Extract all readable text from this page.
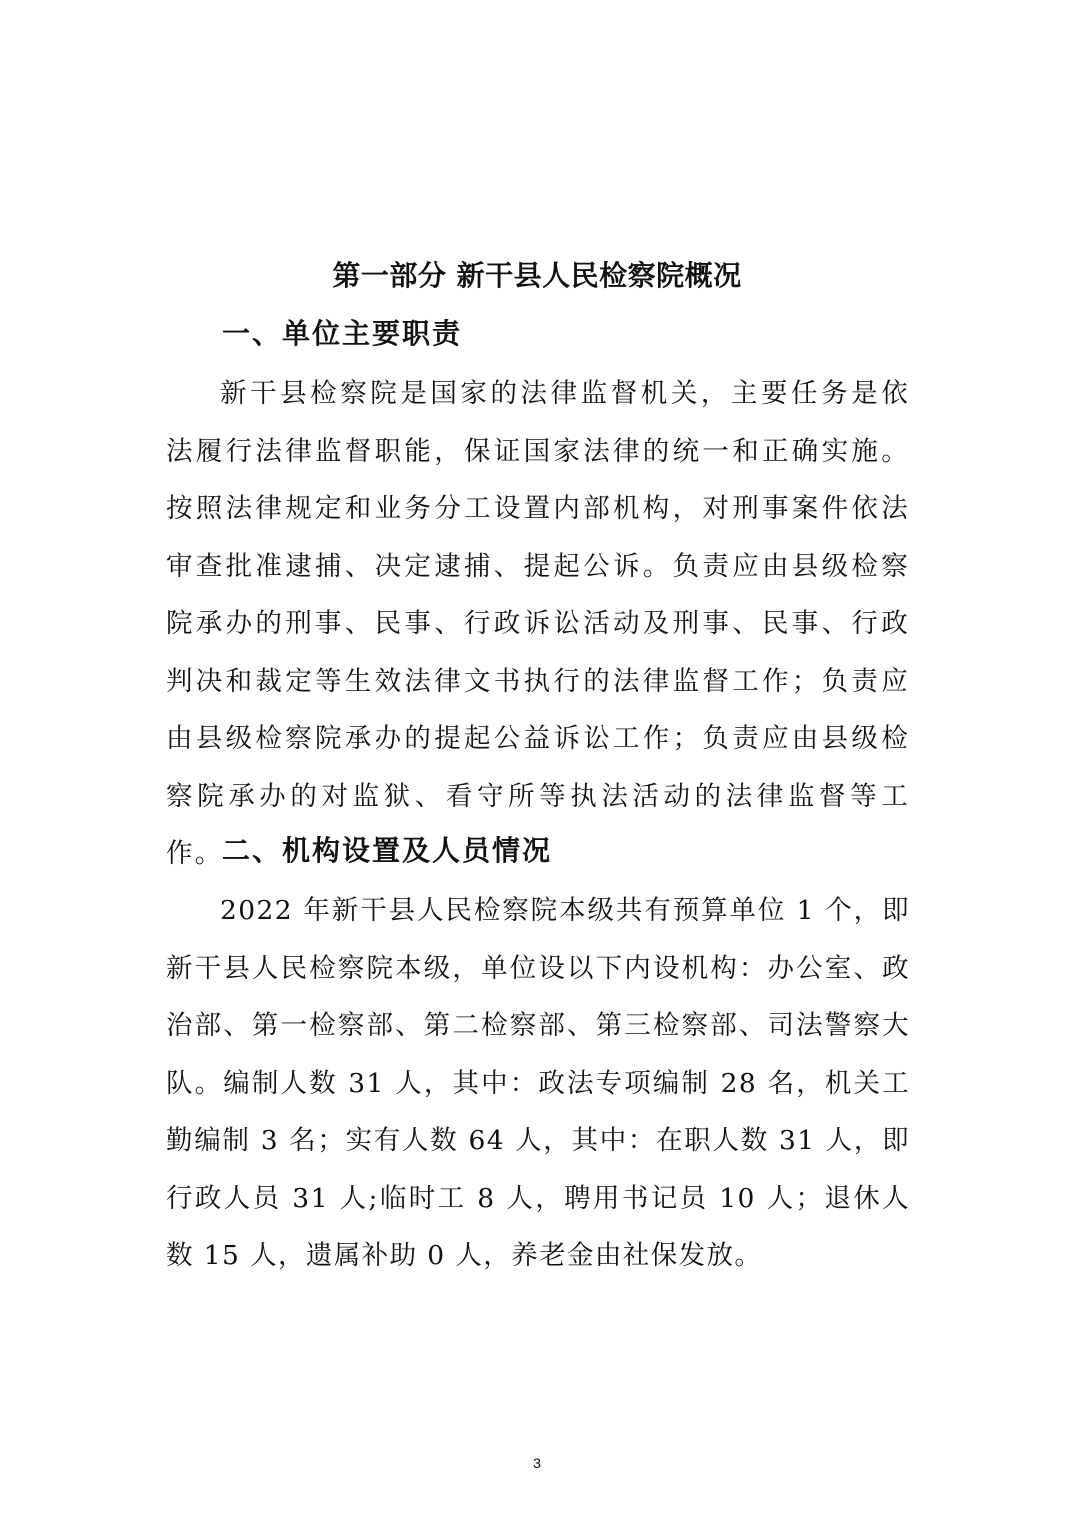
第一部分 新干县人民检察院概况
一、单位主要职责

新干县检察院是国家的法律监督机关，主要任务是依法履行法律监督职能，保证国家法律的统一和正确实施。按照法律规定和业务分工设置内部机构，对刑事案件依法审查批准逮捕、决定逮捕、提起公诉。负责应由县级检察院承办的刑事、民事、行政诉讼活动及刑事、民事、行政判决和裁定等生效法律文书执行的法律监督工作；负责应由县级检察院承办的提起公益诉讼工作；负责应由县级检察院承办的对监狱、看守所等执法活动的法律监督等工作。

二、机构设置及人员情况

2022 年新干县人民检察院本级共有预算单位 1 个，即新干县人民检察院本级，单位设以下内设机构：办公室、政治部、第一检察部、第二检察部、第三检察部、司法警察大队。编制人数 31 人，其中：政法专项编制 28 名，机关工勤编制 3 名；实有人数 64 人，其中：在职人数 31 人，即行政人员 31 人;临时工 8 人，聘用书记员 10 人；退休人数 15 人，遗属补助 0 人，养老金由社保发放。

3
